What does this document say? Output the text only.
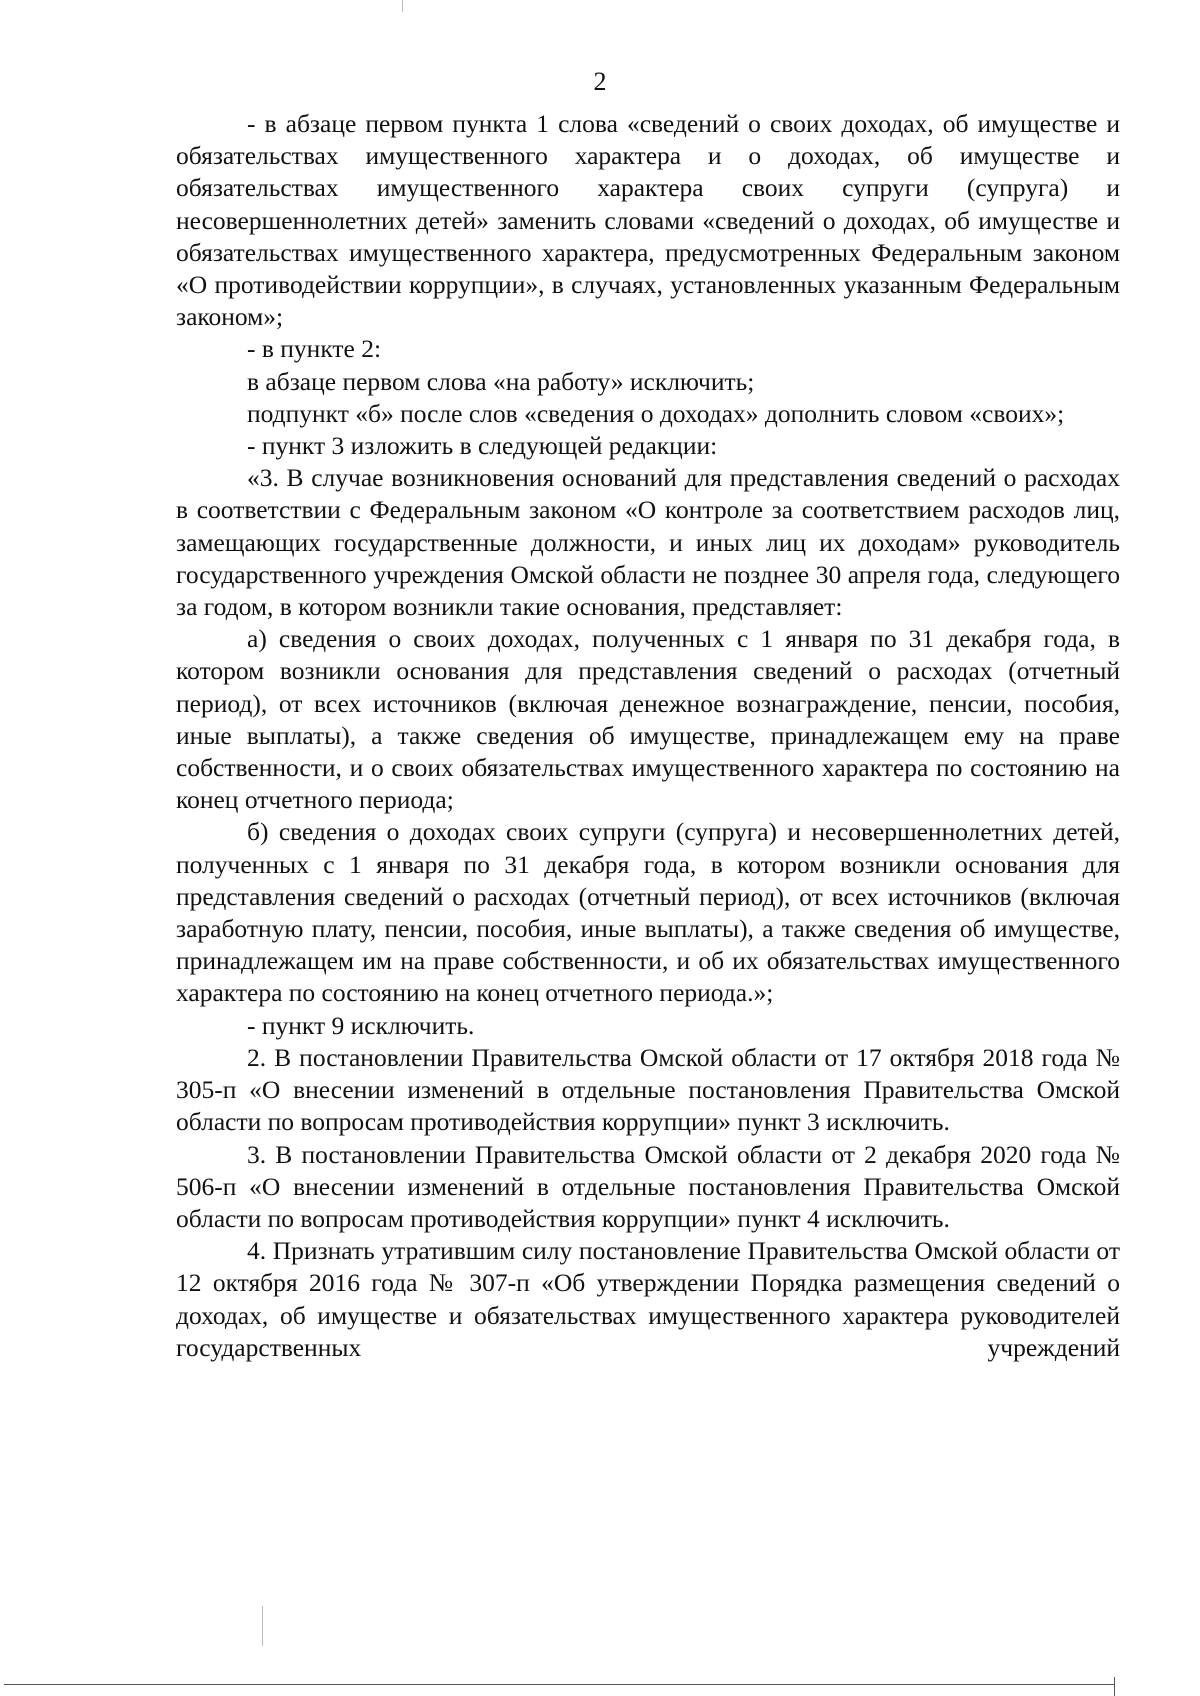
2

- в абзаце первом пункта 1 слова «сведений о своих доходах, об имуществе и обязательствах имущественного характера и о доходах, об имуществе и обязательствах имущественного характера своих супруги (супруга) и несовершеннолетних детей» заменить словами «сведений о доходах, об имуществе и обязательствах имущественного характера, предусмотренных Федеральным законом «О противодействии коррупции», в случаях, установленных указанным Федеральным законом»;

- в пункте 2:

в абзаце первом слова «на работу» исключить;

подпункт «б» после слов «сведения о доходах» дополнить словом «своих»;

- пункт 3 изложить в следующей редакции:

«3. В случае возникновения оснований для представления сведений о расходах в соответствии с Федеральным законом «О контроле за соответствием расходов лиц, замещающих государственные должности, и иных лиц их доходам» руководитель государственного учреждения Омской области не позднее 30 апреля года, следующего за годом, в котором возникли такие основания, представляет:

а) сведения о своих доходах, полученных с 1 января по 31 декабря года, в котором возникли основания для представления сведений о расходах (отчетный период), от всех источников (включая денежное вознаграждение, пенсии, пособия, иные выплаты), а также сведения об имуществе, принадлежащем ему на праве собственности, и о своих обязательствах имущественного характера по состоянию на конец отчетного периода;

б) сведения о доходах своих супруги (супруга) и несовершеннолетних детей, полученных с 1 января по 31 декабря года, в котором возникли основания для представления сведений о расходах (отчетный период), от всех источников (включая заработную плату, пенсии, пособия, иные выплаты), а также сведения об имуществе, принадлежащем им на праве собственности, и об их обязательствах имущественного характера по состоянию на конец отчетного периода.»;

- пункт 9 исключить.

2. В постановлении Правительства Омской области от 17 октября 2018 года № 305-п «О внесении изменений в отдельные постановления Правительства Омской области по вопросам противодействия коррупции» пункт 3 исключить.

3. В постановлении Правительства Омской области от 2 декабря 2020 года № 506-п «О внесении изменений в отдельные постановления Правительства Омской области по вопросам противодействия коррупции» пункт 4 исключить.

4. Признать утратившим силу постановление Правительства Омской области от 12 октября 2016 года № 307-п «Об утверждении Порядка размещения сведений о доходах, об имуществе и обязательствах имущественного характера руководителей государственных учреждений
